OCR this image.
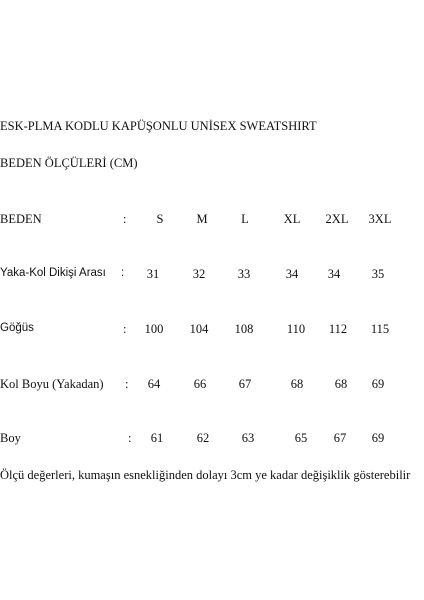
ESK-PLMA KODLU KAPÜŞONLU UNİSEX SWEATSHIRT
BEDEN ÖLÇÜLERİ (CM)
BEDEN	: S	M	L	XL 2XL 3XL
Yaka-Kol Dikişi Arası : 31	32	33	34 34	35
Göğüs	: 100 104 108	110 112 115
Kol Boyu (Yakadan) : 64	66	67	68	68 69
Boy	: 61	62	63	65 67 69
Ölçü değerleri, kumaşın esnekliğinden dolayı 3cm ye kadar değişiklik gösterebilir
